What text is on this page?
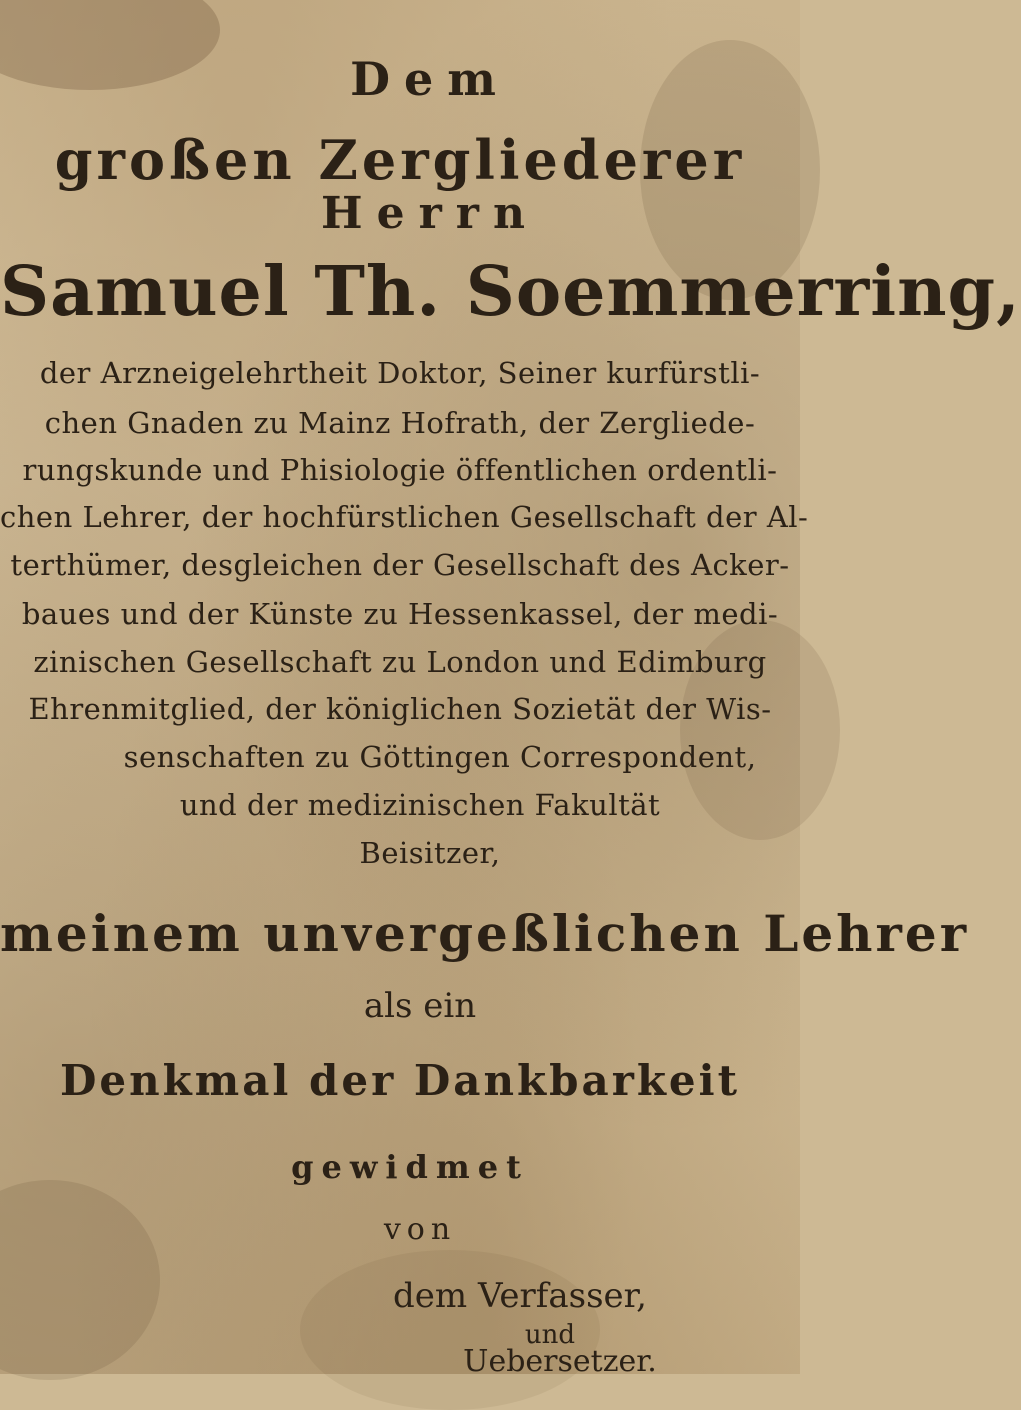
Dem
großen Zergliederer
Herrn
Samuel Th. Soemmerring,
der Arzneigelehrtheit Doktor, Seiner kurfürstli-
chen Gnaden zu Mainz Hofrath, der Zergliede-
rungskunde und Phisiologie öffentlichen ordentli-
chen Lehrer, der hochfürstlichen Gesellschaft der Al-
terthümer, desgleichen der Gesellschaft des Acker-
baues und der Künste zu Hessenkassel, der medi-
zinischen Gesellschaft zu London und Edimburg
Ehrenmitglied, der königlichen Sozietät der Wis-
senschaften zu Göttingen Correspondent,
und der medizinischen Fakultät
Beisitzer,
meinem unvergeßlichen Lehrer
als ein
Denkmal der Dankbarkeit
gewidmet
von
dem Verfasser,
und
Uebersetzer.
